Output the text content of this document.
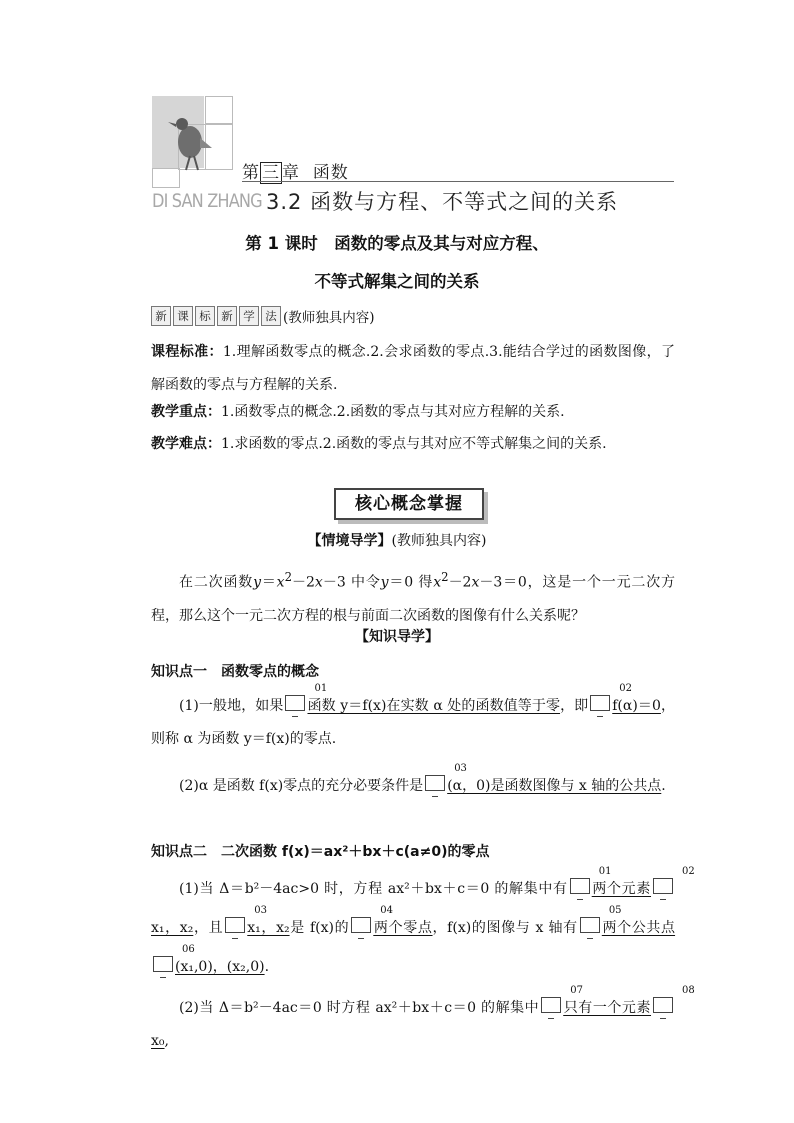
第 三 章 函数
DI SAN ZHANG 3.2 函数与方程、不等式之间的关系
第 1 课时　函数的零点及其与对应方程、
不等式解集之间的关系
新 课 标 新 学 法 (教师独具内容)
课程标准：1.理解函数零点的概念.2.会求函数的零点.3.能结合学过的函数图像，了解函数的零点与方程解的关系.
教学重点：1.函数零点的概念.2.函数的零点与其对应方程解的关系.
教学难点：1.求函数的零点.2.函数的零点与其对应不等式解集之间的关系.
核心概念掌握
【情境导学】(教师独具内容)
在二次函数$y=x^2-2x-3$ 中令y＝0 得$x^2-2x-3=0$，这是一个一元二次方程，那么这个一元二次方程的根与前面二次函数的图像有什么关系呢？
【知识导学】
知识点一　函数零点的概念
(1)一般地，如果
01
函数 y＝f(x)在实数 α 处的函数值等于零，即
02
f(α)＝0，则称 α 为函数 y＝f(x)的零点.
(2)α 是函数 f(x)零点的充分必要条件是
03
(α，0)是函数图像与 x 轴的公共点.
知识点二　二次函数 f(x)＝ax²＋bx＋c(a≠0)的零点
(1)当 Δ＝b²－4ac>0 时，方程 ax²＋bx＋c＝0 的解集中有
01
两个元素
02
x₁，x₂，且
03
x₁，x₂是 f(x)的
04
两个零点，f(x)的图像与 x 轴有
05
两个公共点
06
(x₁,0)，(x₂,0).
(2)当 Δ＝b²－4ac＝0 时方程 ax²＋bx＋c＝0 的解集中
07
只有一个元素
08
x₀,
